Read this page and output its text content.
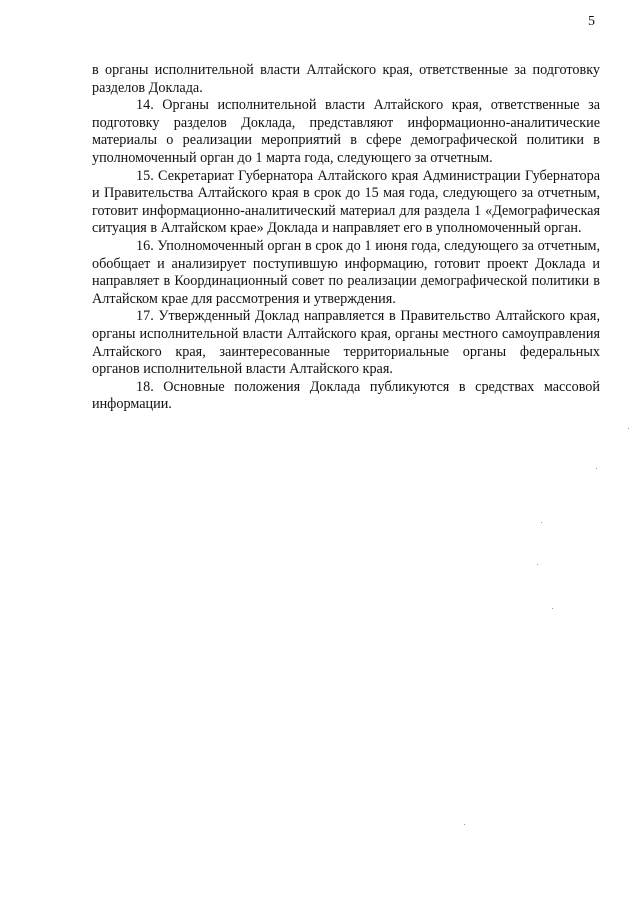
5

в органы исполнительной власти Алтайского края, ответственные за подготовку разделов Доклада.

14. Органы исполнительной власти Алтайского края, ответственные за подготовку разделов Доклада, представляют информационно-аналитические материалы о реализации мероприятий в сфере демографической политики в уполномоченный орган до 1 марта года, следующего за отчетным.

15. Секретариат Губернатора Алтайского края Администрации Губернатора и Правительства Алтайского края в срок до 15 мая года, следующего за отчетным, готовит информационно-аналитический материал для раздела 1 «Демографическая ситуация в Алтайском крае» Доклада и направляет его в уполномоченный орган.

16. Уполномоченный орган в срок до 1 июня года, следующего за отчетным, обобщает и анализирует поступившую информацию, готовит проект Доклада и направляет в Координационный совет по реализации демографической политики в Алтайском крае для рассмотрения и утверждения.

17. Утвержденный Доклад направляется в Правительство Алтайского края, органы исполнительной власти Алтайского края, органы местного самоуправления Алтайского края, заинтересованные территориальные органы федеральных органов исполнительной власти Алтайского края.

18. Основные положения Доклада публикуются в средствах массовой информации.
